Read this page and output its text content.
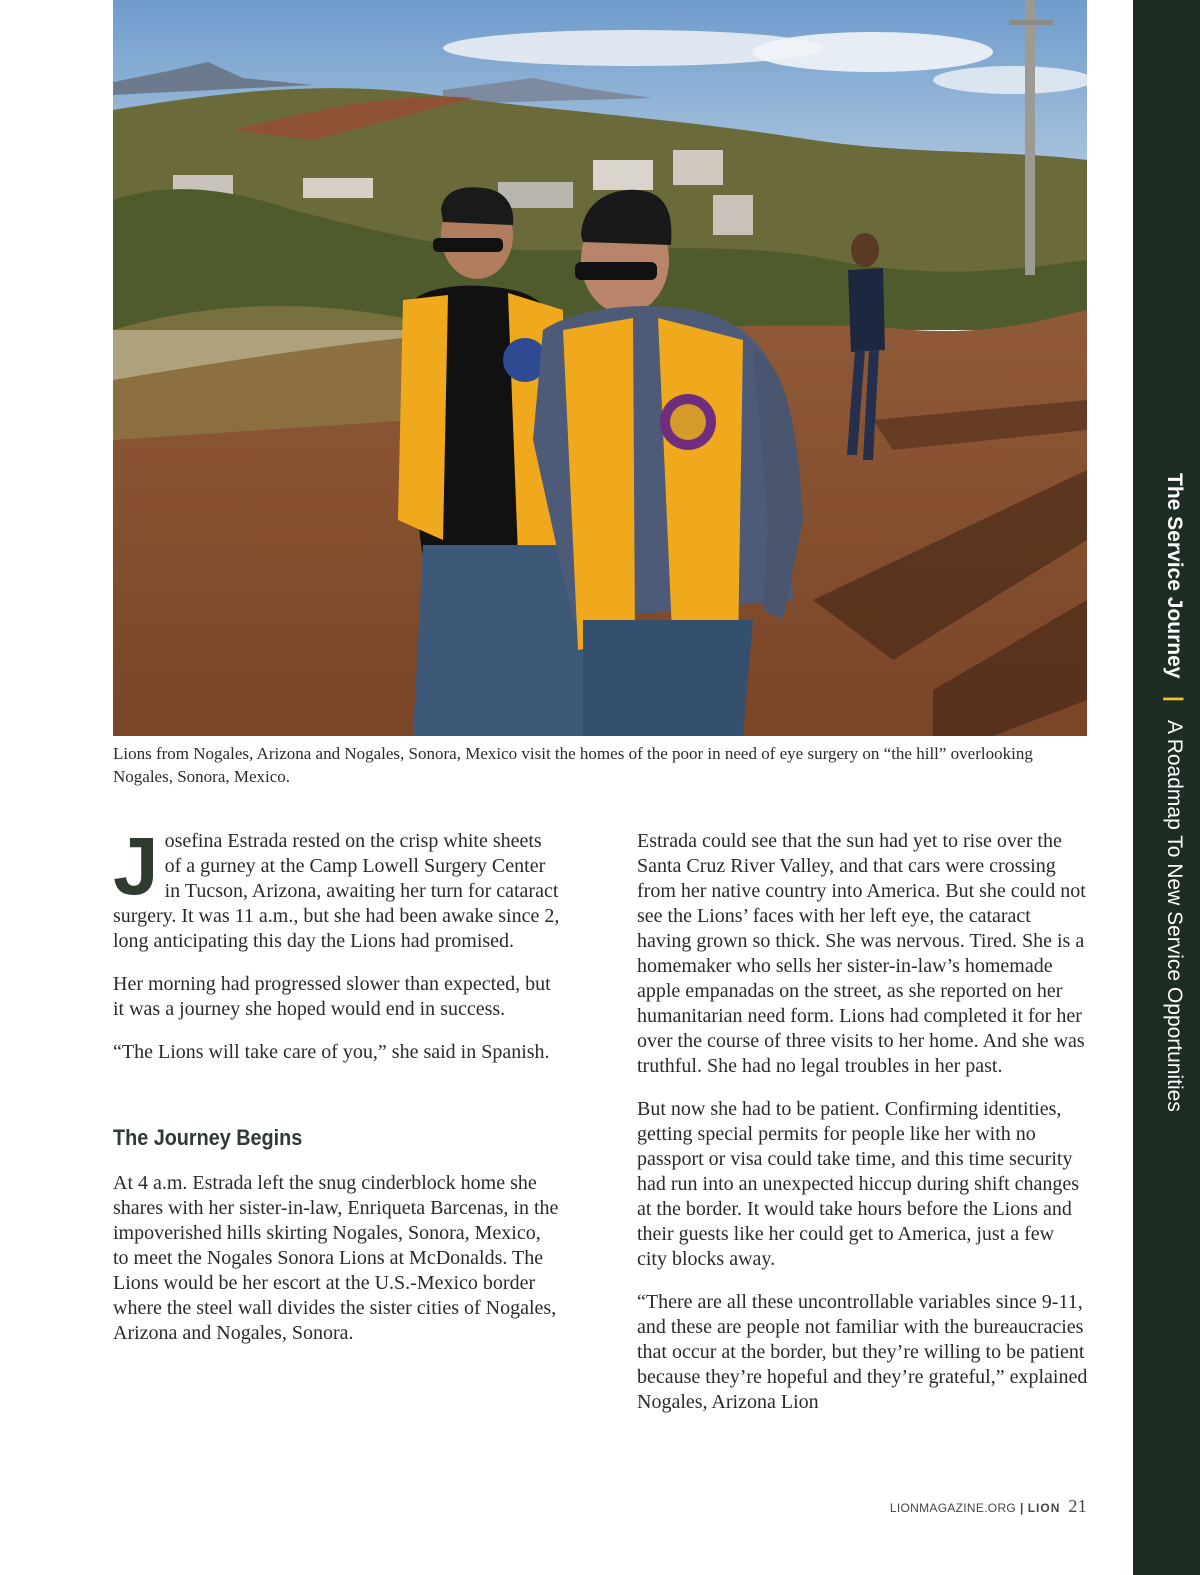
Lions from Nogales, Arizona and Nogales, Sonora, Mexico visit the homes of the poor in need of eye surgery on “the hill” overlooking Nogales, Sonora, Mexico.

Josefina Estrada rested on the crisp white sheets of a gurney at the Camp Lowell Surgery Center in Tucson, Arizona, awaiting her turn for cataract surgery. It was 11 a.m., but she had been awake since 2, long anticipating this day the Lions had promised.

Her morning had progressed slower than expected, but it was a journey she hoped would end in success.

“The Lions will take care of you,” she said in Spanish.

The Journey Begins

At 4 a.m. Estrada left the snug cinderblock home she shares with her sister-in-law, Enriqueta Barcenas, in the impoverished hills skirting Nogales, Sonora, Mexico, to meet the Nogales Sonora Lions at McDonalds. The Lions would be her escort at the U.S.-Mexico border where the steel wall divides the sister cities of Nogales, Arizona and Nogales, Sonora.

Estrada could see that the sun had yet to rise over the Santa Cruz River Valley, and that cars were crossing from her native country into America. But she could not see the Lions’ faces with her left eye, the cataract having grown so thick. She was nervous. Tired. She is a homemaker who sells her sister-in-law’s homemade apple empanadas on the street, as she reported on her humanitarian need form. Lions had completed it for her over the course of three visits to her home. And she was truthful. She had no legal troubles in her past.

But now she had to be patient. Confirming identities, getting special permits for people like her with no passport or visa could take time, and this time security had run into an unexpected hiccup during shift changes at the border. It would take hours before the Lions and their guests like her could get to America, just a few city blocks away.

“There are all these uncontrollable variables since 9-11, and these are people not familiar with the bureaucracies that occur at the border, but they’re willing to be patient because they’re hopeful and they’re grateful,” explained Nogales, Arizona Lion

The Service Journey | A Roadmap To New Service Opportunities
LIONMAGAZINE.ORG | LION 21
